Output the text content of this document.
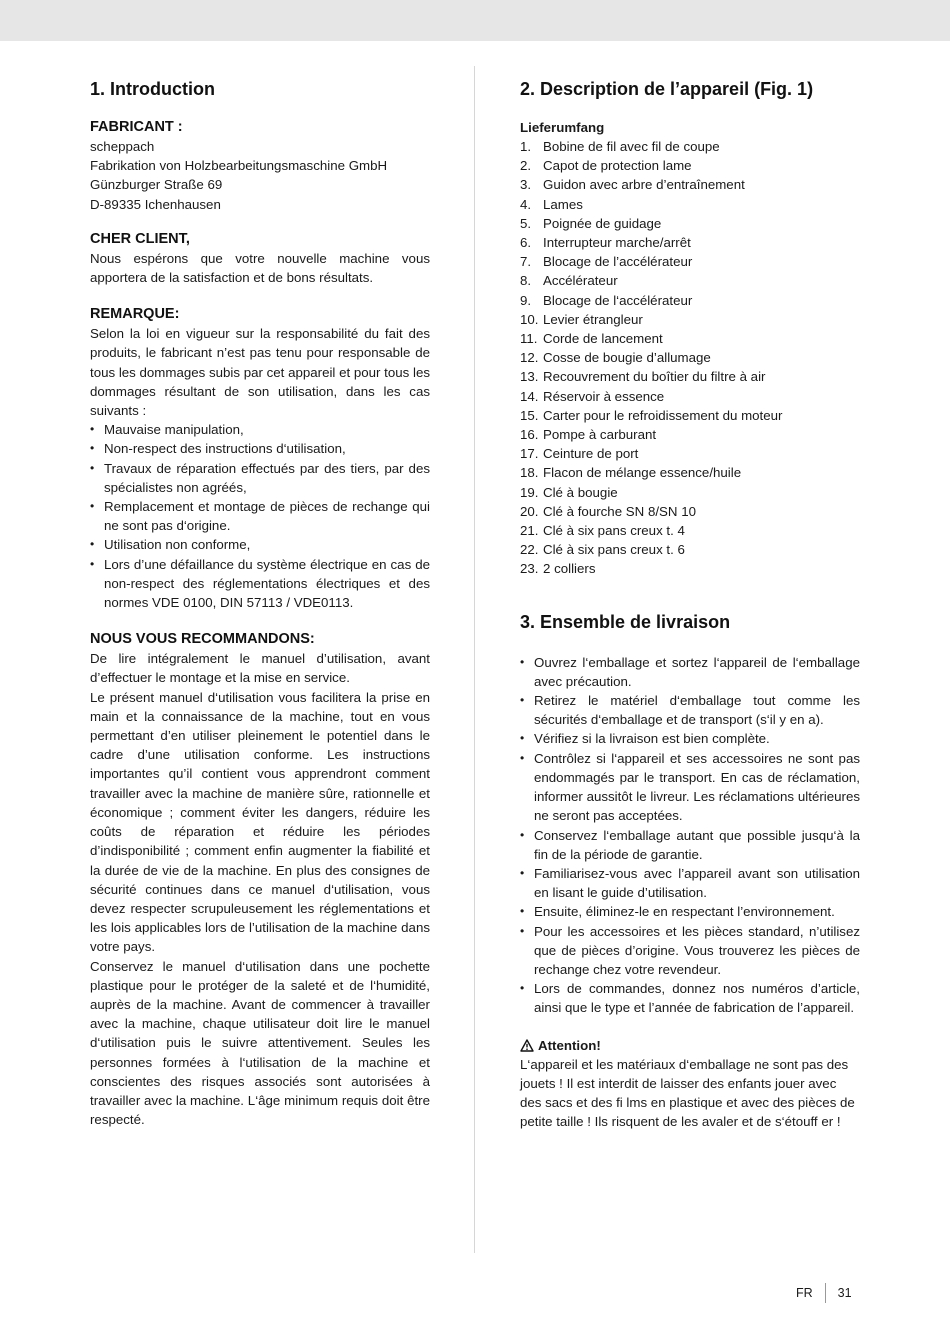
1. Introduction
FABRICANT :
scheppach
Fabrikation von Holzbearbeitungsmaschine GmbH
Günzburger Straße 69
D-89335 Ichenhausen
CHER CLIENT,
Nous espérons que votre nouvelle machine vous apportera de la satisfaction et de bons résultats.
REMARQUE:
Selon la loi en vigueur sur la responsabilité du fait des produits, le fabricant n’est pas tenu pour responsable de tous les dommages subis par cet appareil et pour tous les dommages résultant de son utilisation, dans les cas suivants :
• Mauvaise manipulation,
• Non-respect des instructions d‘utilisation,
• Travaux de réparation effectués par des tiers, par des spécialistes non agréés,
• Remplacement et montage de pièces de rechange qui ne sont pas d‘origine.
• Utilisation non conforme,
• Lors d’une défaillance du système électrique en cas de non-respect des réglementations électriques et des normes VDE 0100, DIN 57113 / VDE0113.
NOUS VOUS RECOMMANDONS:
De lire intégralement le manuel d’utilisation, avant d’effectuer le montage et la mise en service.
Le présent manuel d‘utilisation vous facilitera la prise en main et la connaissance de la machine, tout en vous permettant d’en utiliser pleinement le potentiel dans le cadre d’une utilisation conforme. Les instructions importantes qu’il contient vous apprendront comment travailler avec la machine de manière sûre, rationnelle et économique ; comment éviter les dangers, réduire les coûts de réparation et réduire les périodes d’indisponibilité ; comment enfin augmenter la fiabilité et la durée de vie de la machine. En plus des consignes de sécurité continues dans ce manuel d‘utilisation, vous devez respecter scrupuleusement les réglementations et les lois applicables lors de l’utilisation de la machine dans votre pays.
Conservez le manuel d‘utilisation dans une pochette plastique pour le protéger de la saleté et de l‘humidité, auprès de la machine. Avant de commencer à travailler avec la machine, chaque utilisateur doit lire le manuel d‘utilisation puis le suivre attentivement. Seules les personnes formées à l‘utilisation de la machine et conscientes des risques associés sont autorisées à travailler avec la machine. L‘âge minimum requis doit être respecté.
2. Description de l’appareil (Fig. 1)
Lieferumfang
1. Bobine de fil avec fil de coupe
2. Capot de protection lame
3. Guidon avec arbre d’entraînement
4. Lames
5. Poignée de guidage
6. Interrupteur marche/arrêt
7. Blocage de l’accélérateur
8. Accélérateur
9. Blocage de l‘accélérateur
10. Levier étrangleur
11. Corde de lancement
12. Cosse de bougie d’allumage
13. Recouvrement du boîtier du filtre à air
14. Réservoir à essence
15. Carter pour le refroidissement du moteur
16. Pompe à carburant
17. Ceinture de port
18. Flacon de mélange essence/huile
19. Clé à bougie
20. Clé à fourche SN 8/SN 10
21. Clé à six pans creux t. 4
22. Clé à six pans creux t. 6
23. 2 colliers
3. Ensemble de livraison
• Ouvrez l‘emballage et sortez l‘appareil de l‘emballage avec précaution.
• Retirez le matériel d‘emballage tout comme les sécurités d‘emballage et de transport (s‘il y en a).
• Vérifiez si la livraison est bien complète.
• Contrôlez si l‘appareil et ses accessoires ne sont pas endommagés par le transport. En cas de réclamation, informer aussitôt le livreur. Les réclamations ultérieures ne seront pas acceptées.
• Conservez l‘emballage autant que possible jusqu‘à la fin de la période de garantie.
• Familiarisez-vous avec l’appareil avant son utilisation en lisant le guide d’utilisation.
• Ensuite, éliminez-le en respectant l’environnement.
• Pour les accessoires et les pièces standard, n’utilisez que de pièces d’origine. Vous trouverez les pièces de rechange chez votre revendeur.
• Lors de commandes, donnez nos numéros d’article, ainsi que le type et l’année de fabrication de l’appareil.
Attention!
L‘appareil et les matériaux d‘emballage ne sont pas des jouets ! Il est interdit de laisser des enfants jouer avec des sacs et des fi lms en plastique et avec des pièces de petite taille ! Ils risquent de les avaler et de s‘étouff er !
FR 31
